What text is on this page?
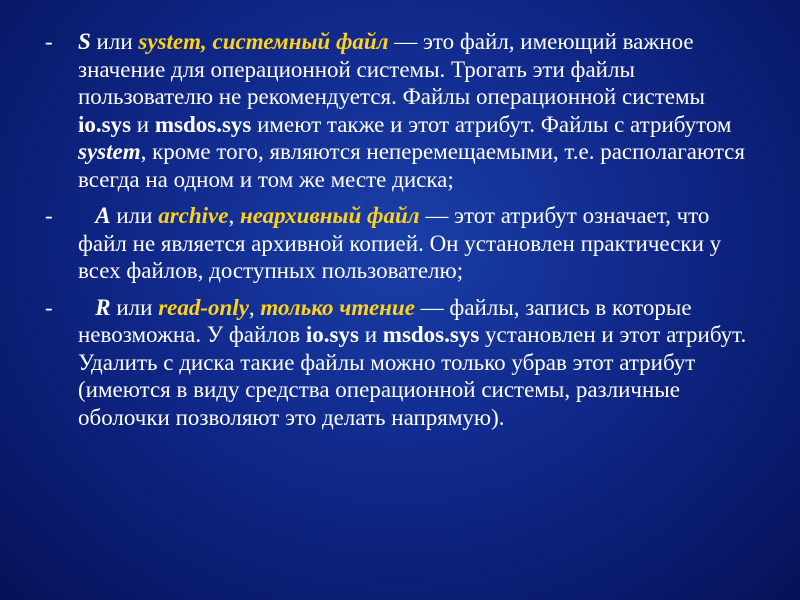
- S или system, системный файл — это файл, имеющий важное значение для операционной системы. Трогать эти файлы пользователю не рекомендуется. Файлы операционной системы io.sys и msdos.sys имеют также и этот атрибут. Файлы с атрибутом system, кроме того, являются неперемещаемыми, т.е. располагаются всегда на одном и том же месте диска;
- A или archive, неархивный файл — этот атрибут означает, что файл не является архивной копией. Он установлен практически у всех файлов, доступных пользователю;
- R или read-only, только чтение — файлы, запись в которые невозможна. У файлов io.sys и msdos.sys установлен и этот атрибут. Удалить с диска такие файлы можно только убрав этот атрибут (имеются в виду средства операционной системы, различные оболочки позволяют это делать напрямую).
